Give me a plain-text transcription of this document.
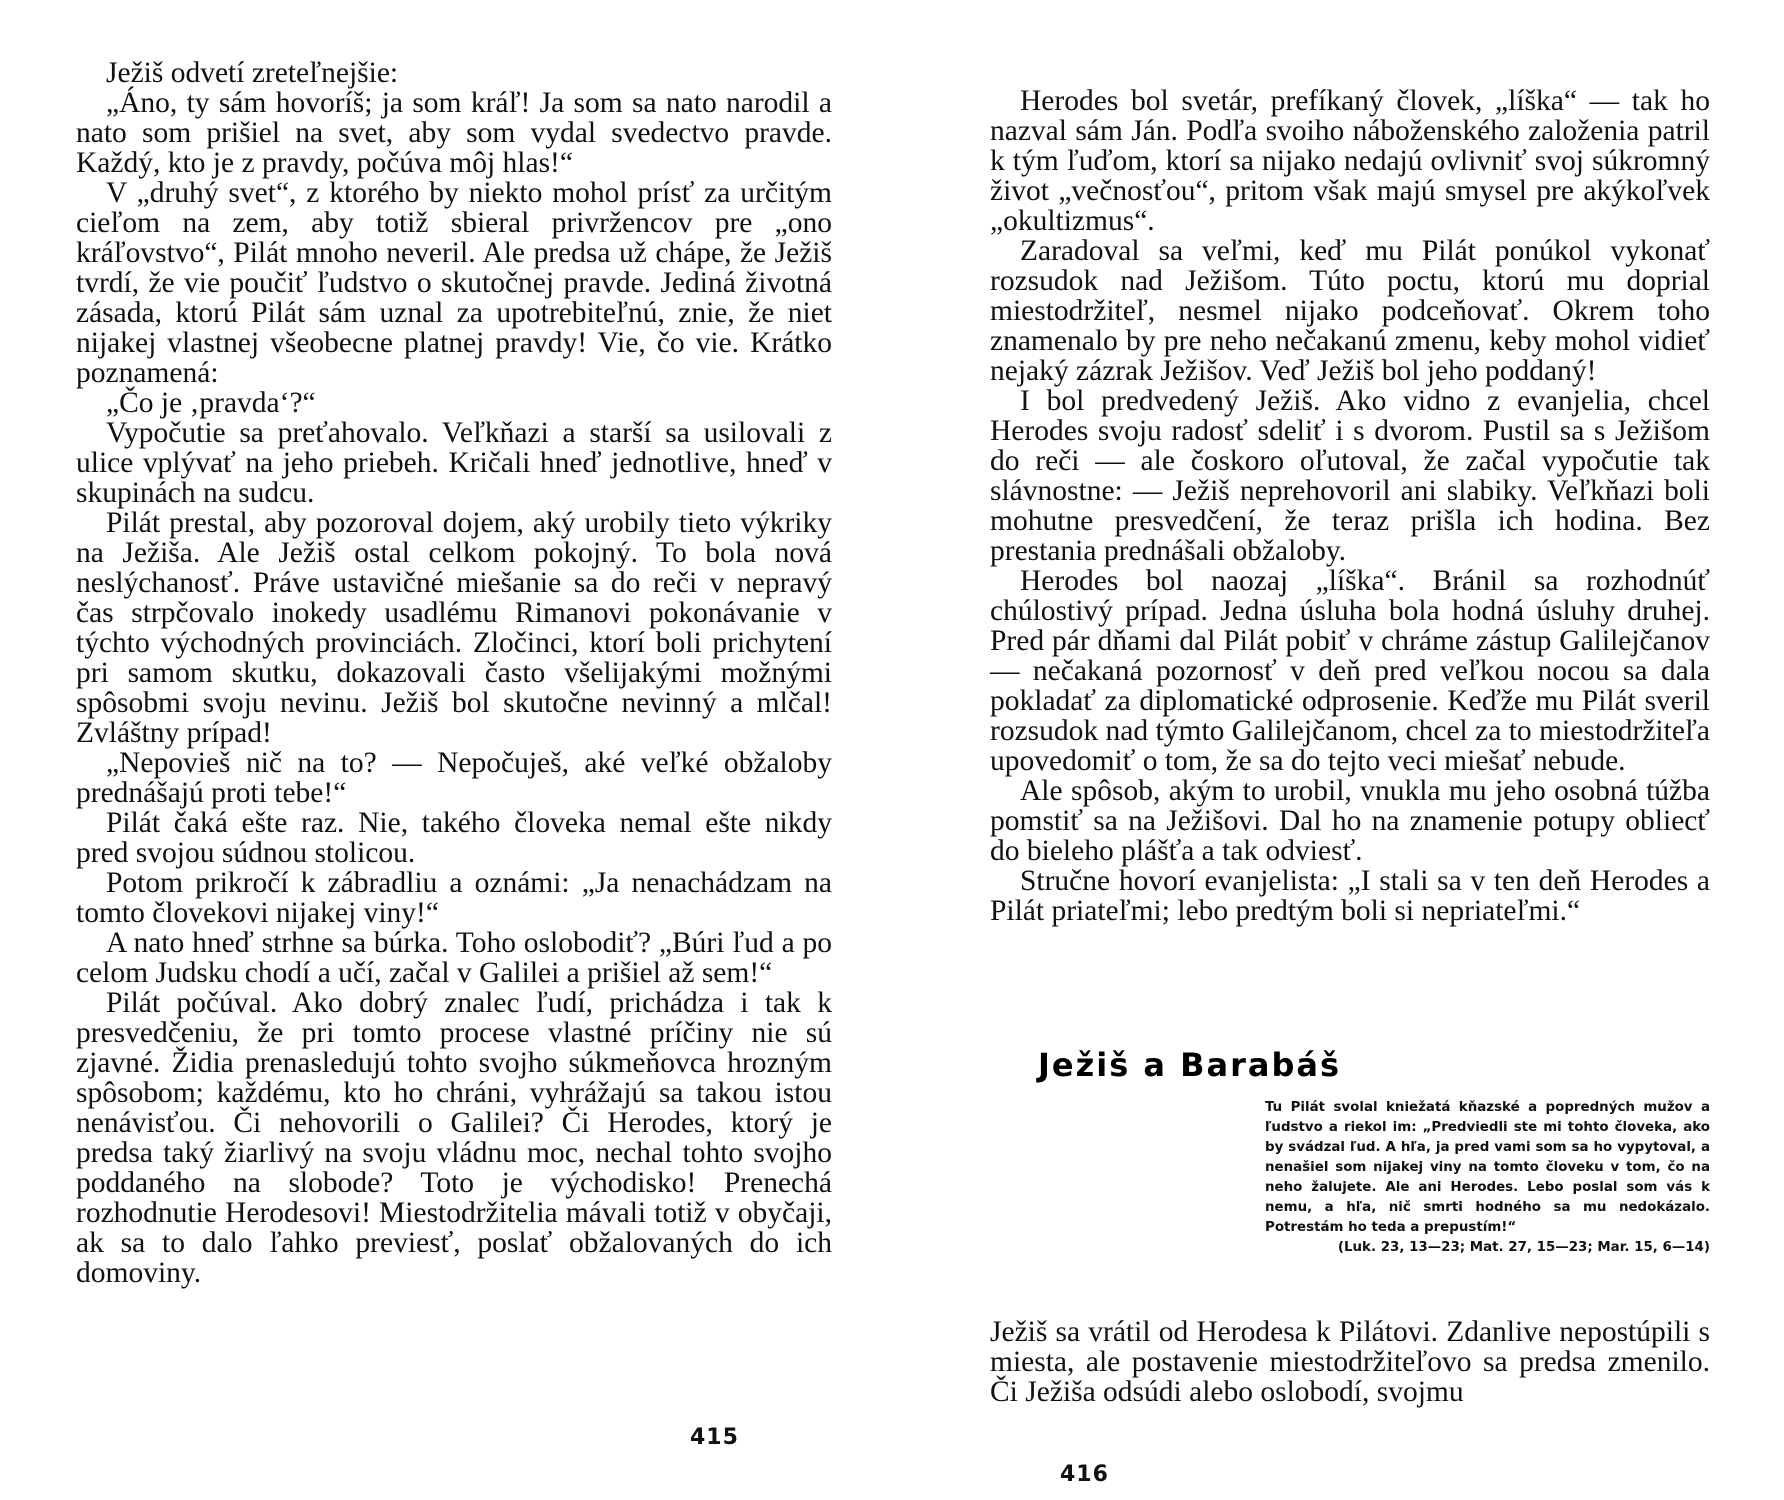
Ježiš odvetí zreteľnejšie:

„Áno, ty sám hovoríš; ja som kráľ! Ja som sa nato narodil a nato som prišiel na svet, aby som vydal svedectvo pravde. Každý, kto je z pravdy, počúva môj hlas!“

V „druhý svet“, z ktorého by niekto mohol prísť za určitým cieľom na zem, aby totiž sbieral privržencov pre „ono kráľovstvo“, Pilát mnoho neveril. Ale predsa už chápe, že Ježiš tvrdí, že vie poučiť ľudstvo o skutočnej pravde. Jediná životná zásada, ktorú Pilát sám uznal za upotrebiteľnú, znie, že niet nijakej vlastnej všeobecne platnej pravdy! Vie, čo vie. Krátko poznamená:

„Čo je ‚pravda‘?“

Vypočutie sa preťahovalo. Veľkňazi a starší sa usilovali z ulice vplývať na jeho priebeh. Kričali hneď jednotlive, hneď v skupinách na sudcu.

Pilát prestal, aby pozoroval dojem, aký urobily tieto výkriky na Ježiša. Ale Ježiš ostal celkom pokojný. To bola nová neslýchanosť. Práve ustavičné miešanie sa do reči v nepravý čas strpčovalo inokedy usadlému Rimanovi pokonávanie v týchto východných provinciách. Zločinci, ktorí boli prichytení pri samom skutku, dokazovali často všelijakými možnými spôsobmi svoju nevinu. Ježiš bol skutočne nevinný a mlčal! Zvláštny prípad!

„Nepovieš nič na to? — Nepočuješ, aké veľké obžaloby prednášajú proti tebe!“

Pilát čaká ešte raz. Nie, takého človeka nemal ešte nikdy pred svojou súdnou stolicou.

Potom prikročí k zábradliu a oznámi: „Ja nenachádzam na tomto človekovi nijakej viny!“

A nato hneď strhne sa búrka. Toho oslobodiť? „Búri ľud a po celom Judsku chodí a učí, začal v Galilei a prišiel až sem!“

Pilát počúval. Ako dobrý znalec ľudí, prichádza i tak k presvedčeniu, že pri tomto procese vlastné príčiny nie sú zjavné. Židia prenasledujú tohto svojho súkmeňovca hrozným spôsobom; každému, kto ho chráni, vyhrážajú sa takou istou nenávisťou. Či nehovorili o Galilei? Či Herodes, ktorý je predsa taký žiarlivý na svoju vládnu moc, nechal tohto svojho poddaného na slobode? Toto je východisko! Prenechá rozhodnutie Herodesovi! Miestodržitelia mávali totiž v obyčaji, ak sa to dalo ľahko previesť, poslať obžalovaných do ich domoviny.

415

Herodes bol svetár, prefíkaný človek, „líška“ — tak ho nazval sám Ján. Podľa svoiho náboženského založenia patril k tým ľuďom, ktorí sa nijako nedajú ovlivniť svoj súkromný život „večnosťou“, pritom však majú smysel pre akýkoľvek „okultizmus“.

Zaradoval sa veľmi, keď mu Pilát ponúkol vykonať rozsudok nad Ježišom. Túto poctu, ktorú mu doprial miestodržiteľ, nesmel nijako podceňovať. Okrem toho znamenalo by pre neho nečakanú zmenu, keby mohol vidieť nejaký zázrak Ježišov. Veď Ježiš bol jeho poddaný!

I bol predvedený Ježiš. Ako vidno z evanjelia, chcel Herodes svoju radosť sdeliť i s dvorom. Pustil sa s Ježišom do reči — ale čoskoro oľutoval, že začal vypočutie tak slávnostne: — Ježiš neprehovoril ani slabiky. Veľkňazi boli mohutne presvedčení, že teraz prišla ich hodina. Bez prestania prednášali obžaloby.

Herodes bol naozaj „líška“. Bránil sa rozhodnúť chúlostivý prípad. Jedna úsluha bola hodná úsluhy druhej. Pred pár dňami dal Pilát pobiť v chráme zástup Galilejčanov — nečakaná pozornosť v deň pred veľkou nocou sa dala pokladať za diplomatické odprosenie. Keďže mu Pilát sveril rozsudok nad týmto Galilejčanom, chcel za to miestodržiteľa upovedomiť o tom, že sa do tejto veci miešať nebude.

Ale spôsob, akým to urobil, vnukla mu jeho osobná túžba pomstiť sa na Ježišovi. Dal ho na znamenie potupy obliecť do bieleho plášťa a tak odviesť.

Stručne hovorí evanjelista: „I stali sa v ten deň Herodes a Pilát priateľmi; lebo predtým boli si nepriateľmi.“

Ježiš a Barabáš

Tu Pilát svolal kniežatá kňazské a popredných mužov a ľudstvo a riekol im: „Predviedli ste mi tohto človeka, ako by svádzal ľud. A hľa, ja pred vami som sa ho vypytoval, a nenašiel som nijakej viny na tomto človeku v tom, čo na neho žalujete. Ale ani Herodes. Lebo poslal som vás k nemu, a hľa, nič smrti hodného sa mu nedokázalo. Potrestám ho teda a prepustím!“

(Luk. 23, 13—23; Mat. 27, 15—23; Mar. 15, 6—14)

Ježiš sa vrátil od Herodesa k Pilátovi. Zdanlive nepostúpili s miesta, ale postavenie miestodržiteľovo sa predsa zmenilo. Či Ježiša odsúdi alebo oslobodí, svojmu

416
